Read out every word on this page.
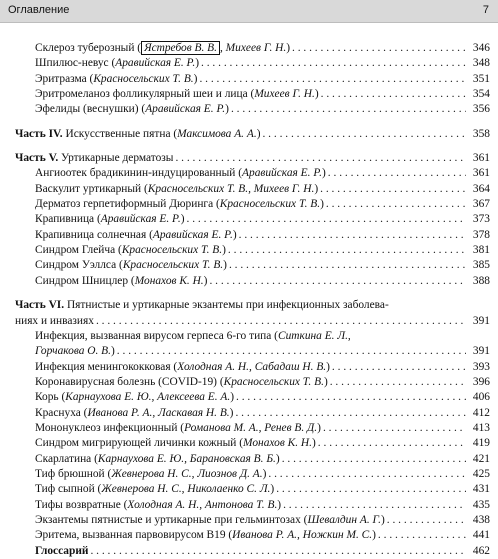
Оглавление	7
Склероз туберозный ( Ястребов В. В. , Михеев Г. Н.) . . .	346
Шпилюс-невус (Аравийская Е. Р.) . . .	348
Эритразма (Красносельских Т. В.) . . .	351
Эритромеланоз фолликулярный шеи и лица (Михеев Г. Н.) . . .	354
Эфелиды (веснушки) (Аравийская Е. Р.) . . .	356
Часть IV. Искусственные пятна (Максимова А. А.) . . .	358
Часть V. Уртикарные дерматозы . . .	361
Ангиоотек брадикинин-индуцированный (Аравийская Е. Р.) . . .	361
Васкулит уртикарный (Красносельских Т. В., Михеев Г. Н.) . . .	364
Дерматоз герпетиформный Дюринга (Красносельских Т. В.) . . .	367
Крапивница (Аравийская Е. Р.) . . .	373
Крапивница солнечная (Аравийская Е. Р.) . . .	378
Синдром Глейча (Красносельских Т. В.) . . .	381
Синдром Уэллса (Красносельских Т. В.) . . .	385
Синдром Шницлер (Монахов К. Н.) . . .	388
Часть VI. Пятнистые и уртикарные экзантемы при инфекционных заболева-
ниях и инвазиях . . .	391
Инфекция, вызванная вирусом герпеса 6-го типа (Ситкина Е. Л.,
Горчакова О. В.) . . .	391
Инфекция менингококковая (Холодная А. Н., Сабадаш Н. В.) . . .	393
Коронавирусная болезнь (COVID-19) (Красносельских Т. В.) . . .	396
Корь (Карнаухова Е. Ю., Алексеева Е. А.) . . .	406
Краснуха (Иванова Р. А., Ласкавая Н. В.) . . .	412
Мононуклеоз инфекционный (Романова М. А., Ренев В. Д.) . . .	413
Синдром мигрирующей личинки кожный (Монахов К. Н.) . . .	419
Скарлатина (Карнаухова Е. Ю., Барановская В. Б.) . . .	421
Тиф брюшной (Жевнерова Н. С., Лиознов Д. А.) . . .	425
Тиф сыпной (Жевнерова Н. С., Николаенко С. Л.) . . .	431
Тифы возвратные (Холодная А. Н., Антонова Т. В.) . . .	435
Экзантемы пятнистые и уртикарные при гельминтозах (Шевалдин А. Г.) . . .	438
Эритема, вызванная парвовирусом В19 (Иванова Р. А., Ножкин М. С.) . . .	441
Глоссарий . . .	462
